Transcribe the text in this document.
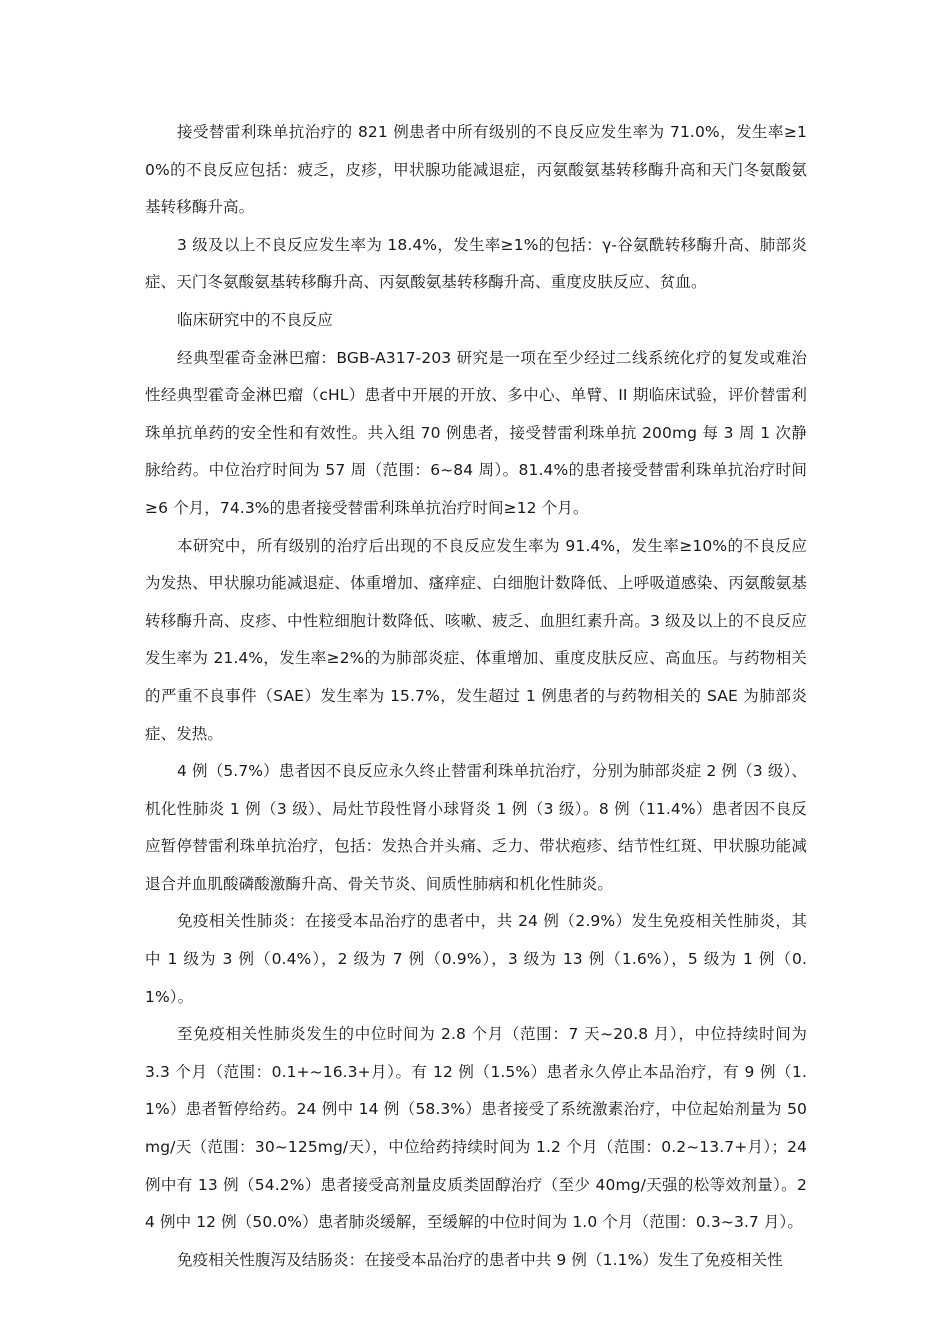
接受替雷利珠单抗治疗的 821 例患者中所有级别的不良反应发生率为 71.0%，发生率≥10%的不良反应包括：疲乏，皮疹，甲状腺功能减退症，丙氨酸氨基转移酶升高和天门冬氨酸氨基转移酶升高。

3 级及以上不良反应发生率为 18.4%，发生率≥1%的包括：γ-谷氨酰转移酶升高、肺部炎症、天门冬氨酸氨基转移酶升高、丙氨酸氨基转移酶升高、重度皮肤反应、贫血。

临床研究中的不良反应

经典型霍奇金淋巴瘤：BGB-A317-203 研究是一项在至少经过二线系统化疗的复发或难治性经典型霍奇金淋巴瘤（cHL）患者中开展的开放、多中心、单臂、II 期临床试验，评价替雷利珠单抗单药的安全性和有效性。共入组 70 例患者，接受替雷利珠单抗 200mg 每 3 周 1 次静脉给药。中位治疗时间为 57 周（范围：6~84 周）。81.4%的患者接受替雷利珠单抗治疗时间≥6 个月，74.3%的患者接受替雷利珠单抗治疗时间≥12 个月。

本研究中，所有级别的治疗后出现的不良反应发生率为 91.4%，发生率≥10%的不良反应为发热、甲状腺功能减退症、体重增加、瘙痒症、白细胞计数降低、上呼吸道感染、丙氨酸氨基转移酶升高、皮疹、中性粒细胞计数降低、咳嗽、疲乏、血胆红素升高。3 级及以上的不良反应发生率为 21.4%，发生率≥2%的为肺部炎症、体重增加、重度皮肤反应、高血压。与药物相关的严重不良事件（SAE）发生率为 15.7%，发生超过 1 例患者的与药物相关的 SAE 为肺部炎症、发热。

4 例（5.7%）患者因不良反应永久终止替雷利珠单抗治疗，分别为肺部炎症 2 例（3 级）、机化性肺炎 1 例（3 级）、局灶节段性肾小球肾炎 1 例（3 级）。8 例（11.4%）患者因不良反应暂停替雷利珠单抗治疗，包括：发热合并头痛、乏力、带状疱疹、结节性红斑、甲状腺功能减退合并血肌酸磷酸激酶升高、骨关节炎、间质性肺病和机化性肺炎。

免疫相关性肺炎：在接受本品治疗的患者中，共 24 例（2.9%）发生免疫相关性肺炎，其中 1 级为 3 例（0.4%），2 级为 7 例（0.9%），3 级为 13 例（1.6%），5 级为 1 例（0.1%）。

至免疫相关性肺炎发生的中位时间为 2.8 个月（范围：7 天~20.8 月），中位持续时间为 3.3 个月（范围：0.1+~16.3+月）。有 12 例（1.5%）患者永久停止本品治疗，有 9 例（1.1%）患者暂停给药。24 例中 14 例（58.3%）患者接受了系统激素治疗，中位起始剂量为 50mg/天（范围：30~125mg/天），中位给药持续时间为 1.2 个月（范围：0.2~13.7+月）；24 例中有 13 例（54.2%）患者接受高剂量皮质类固醇治疗（至少 40mg/天强的松等效剂量）。24 例中 12 例（50.0%）患者肺炎缓解，至缓解的中位时间为 1.0 个月（范围：0.3~3.7 月）。

免疫相关性腹泻及结肠炎：在接受本品治疗的患者中共 9 例（1.1%）发生了免疫相关性
